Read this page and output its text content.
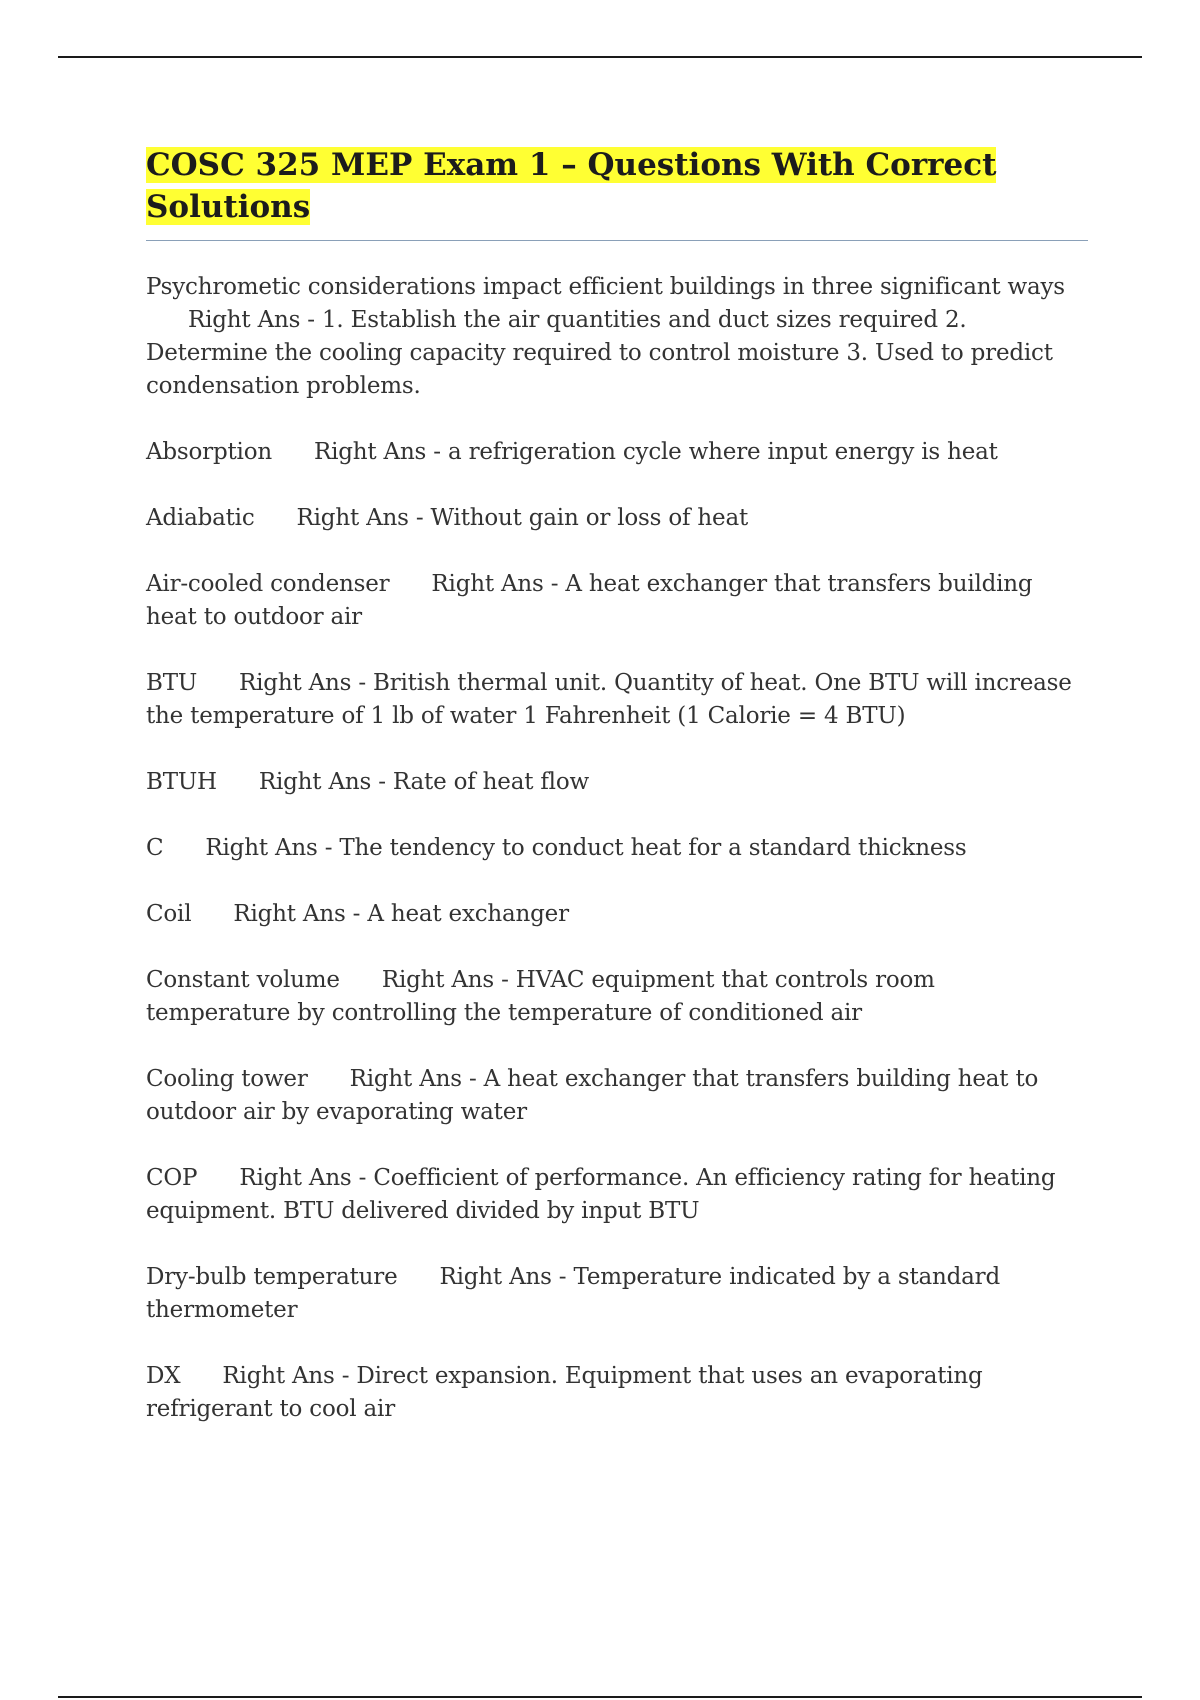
COSC 325 MEP Exam 1 – Questions With Correct Solutions

Psychrometic considerations impact efficient buildings in three significant waysRight Ans - 1. Establish the air quantities and duct sizes required 2. Determine the cooling capacity required to control moisture 3. Used to predict condensation problems.

Absorption Right Ans - a refrigeration cycle where input energy is heat

Adiabatic Right Ans - Without gain or loss of heat

Air-cooled condenser Right Ans - A heat exchanger that transfers building heat to outdoor air

BTU Right Ans - British thermal unit. Quantity of heat. One BTU will increase the temperature of 1 lb of water 1 Fahrenheit (1 Calorie = 4 BTU)

BTUH Right Ans - Rate of heat flow

C Right Ans - The tendency to conduct heat for a standard thickness

Coil Right Ans - A heat exchanger

Constant volume Right Ans - HVAC equipment that controls room temperature by controlling the temperature of conditioned air

Cooling tower Right Ans - A heat exchanger that transfers building heat to outdoor air by evaporating water

COP Right Ans - Coefficient of performance. An efficiency rating for heating equipment. BTU delivered divided by input BTU

Dry-bulb temperature Right Ans - Temperature indicated by a standard thermometer

DX Right Ans - Direct expansion. Equipment that uses an evaporating refrigerant to cool air
